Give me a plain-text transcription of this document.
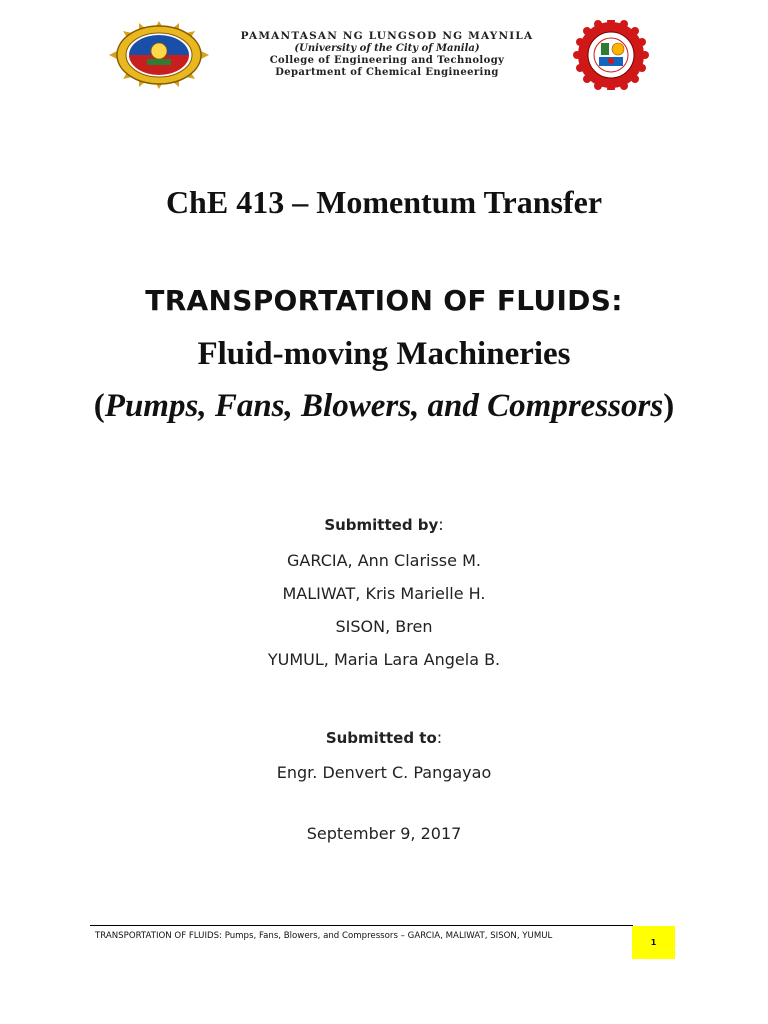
PAMANTASAN NG LUNGSOD NG MAYNILA
(University of the City of Manila)
College of Engineering and Technology
Department of Chemical Engineering
ChE 413 – Momentum Transfer
TRANSPORTATION OF FLUIDS:
Fluid-moving Machineries
(Pumps, Fans, Blowers, and Compressors)
Submitted by:
GARCIA, Ann Clarisse M.
MALIWAT, Kris Marielle H.
SISON, Bren
YUMUL, Maria Lara Angela B.
Submitted to:
Engr. Denvert C. Pangayao
September 9, 2017
TRANSPORTATION OF FLUIDS: Pumps, Fans, Blowers, and Compressors – GARCIA, MALIWAT, SISON, YUMUL
1
